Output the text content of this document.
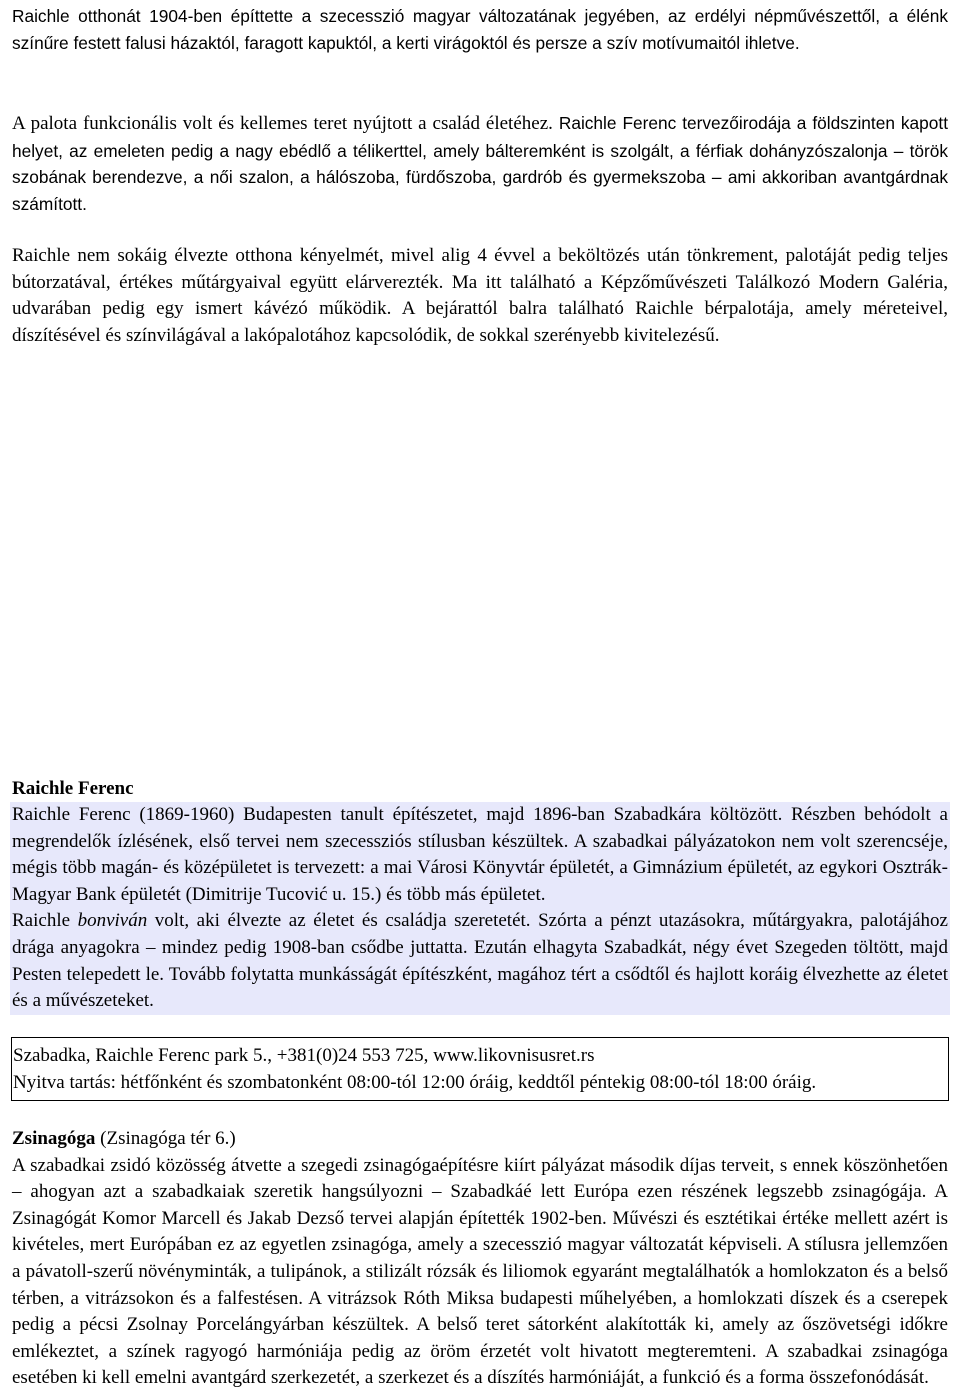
Raichle otthonát 1904-ben építtette a szecesszió magyar változatának jegyében, az erdélyi népművészettől, a élénk színűre festett falusi házaktól, faragott kapuktól, a kerti virágoktól és persze a szív motívumaitól ihletve.

A palota funkcionális volt és kellemes teret nyújtott a család életéhez. Raichle Ferenc tervezőirodája a földszinten kapott helyet, az emeleten pedig a nagy ebédlő a télikerttel, amely bálteremként is szolgált, a férfiak dohányzószalonja – török szobának berendezve, a női szalon, a hálószoba, fürdőszoba, gardrób és gyermekszoba – ami akkoriban avantgárdnak számított.

Raichle nem sokáig élvezte otthona kényelmét, mivel alig 4 évvel a beköltözés után tönkrement, palotáját pedig teljes bútorzatával, értékes műtárgyaival együtt elárverezték. Ma itt található a Képzőművészeti Találkozó Modern Galéria, udvarában pedig egy ismert kávézó működik. A bejárattól balra található Raichle bérpalotája, amely méreteivel, díszítésével és színvilágával a lakópalotához kapcsolódik, de sokkal szerényebb kivitelezésű.

Raichle Ferenc

Raichle Ferenc (1869-1960) Budapesten tanult építészetet, majd 1896-ban Szabadkára költözött. Részben behódolt a megrendelők ízlésének, első tervei nem szecessziós stílusban készültek. A szabadkai pályázatokon nem volt szerencséje, mégis több magán- és középületet is tervezett: a mai Városi Könyvtár épületét, a Gimnázium épületét, az egykori Osztrák-Magyar Bank épületét (Dimitrije Tucović u. 15.) és több más épületet.

Raichle bonviván volt, aki élvezte az életet és családja szeretetét. Szórta a pénzt utazásokra, műtárgyakra, palotájához drága anyagokra – mindez pedig 1908-ban csődbe juttatta. Ezután elhagyta Szabadkát, négy évet Szegeden töltött, majd Pesten telepedett le. Tovább folytatta munkásságát építészként, magához tért a csődtől és hajlott koráig élvezhette az életet és a művészeteket.

Szabadka, Raichle Ferenc park 5., +381(0)24 553 725, www.likovnisusret.rs
Nyitva tartás: hétfőnként és szombatonként 08:00-tól 12:00 óráig, keddtől péntekig 08:00-tól 18:00 óráig.
Zsinagóga (Zsinagóga tér 6.)

A szabadkai zsidó közösség átvette a szegedi zsinagógaépítésre kiírt pályázat második díjas terveit, s ennek köszönhetően – ahogyan azt a szabadkaiak szeretik hangsúlyozni – Szabadkáé lett Európa ezen részének legszebb zsinagógája. A Zsinagógát Komor Marcell és Jakab Dezső tervei alapján építették 1902-ben. Művészi és esztétikai értéke mellett azért is kivételes, mert Európában ez az egyetlen zsinagóga, amely a szecesszió magyar változatát képviseli. A stílusra jellemzően a pávatoll-szerű növényminták, a tulipánok, a stilizált rózsák és liliomok egyaránt megtalálhatók a homlokzaton és a belső térben, a vitrázsokon és a falfestésen. A vitrázsok Róth Miksa budapesti műhelyében, a homlokzati díszek és a cserepek pedig a pécsi Zsolnay Porcelángyárban készültek. A belső teret sátorként alakították ki, amely az őszövetségi időkre emlékeztet, a színek ragyogó harmóniája pedig az öröm érzetét volt hivatott megteremteni. A szabadkai zsinagóga esetében ki kell emelni avantgárd szerkezetét, a szerkezet és a díszítés harmóniáját, a funkció és a forma összefonódását.
